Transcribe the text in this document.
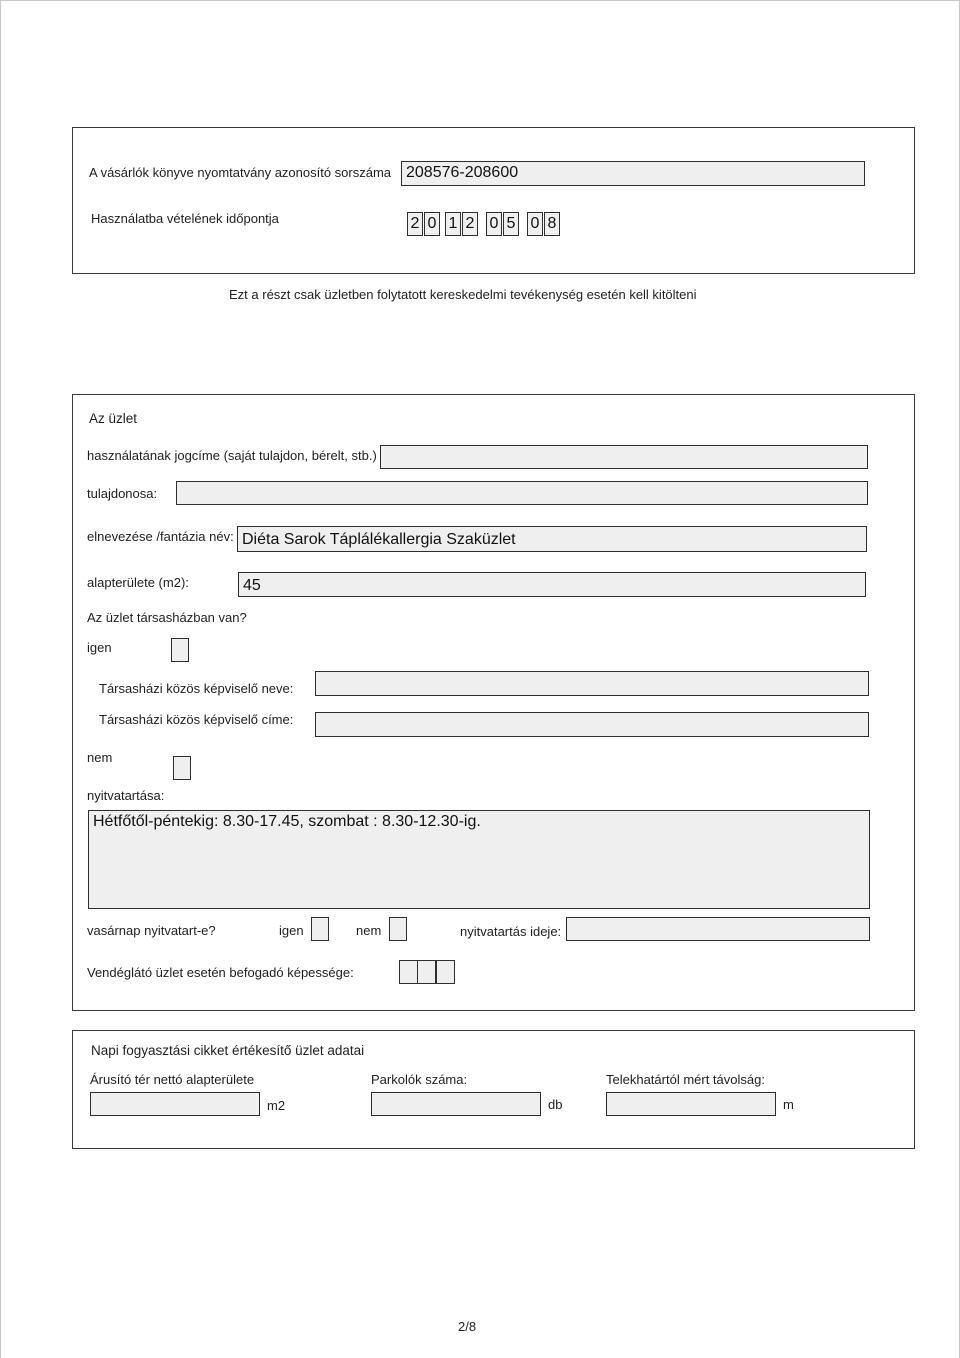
A vásárlók könyve nyomtatvány azonosító sorszáma 208576-208600
Használatba vételének időpontja	2 0 1 2 0 5 0 8
Ezt a részt csak üzletben folytatott kereskedelmi tevékenység esetén kell kitölteni
Az üzlet
használatának jogcíme (saját tulajdon, bérelt, stb.)
tulajdonosa:
elnevezése /fantázia név: Diéta Sarok Táplálékallergia Szaküzlet
alapterülete (m2):	45
Az üzlet társasházban van?
igen
Társasházi közös képviselő neve:
Társasházi közös képviselő címe:
nem
nyitvatartása:
Hétfőtől-péntekig: 8.30-17.45, szombat : 8.30-12.30-ig.
vasárnap nyitvatart-e?	igen	nem	nyitvatartás ideje:
Vendéglátó üzlet esetén befogadó képessége:
Napi fogyasztási cikket értékesítő üzlet adatai
Árusító tér nettó alapterülete
m2
Parkolók száma:
db
Telekhatártól mért távolság:
m
2/8
